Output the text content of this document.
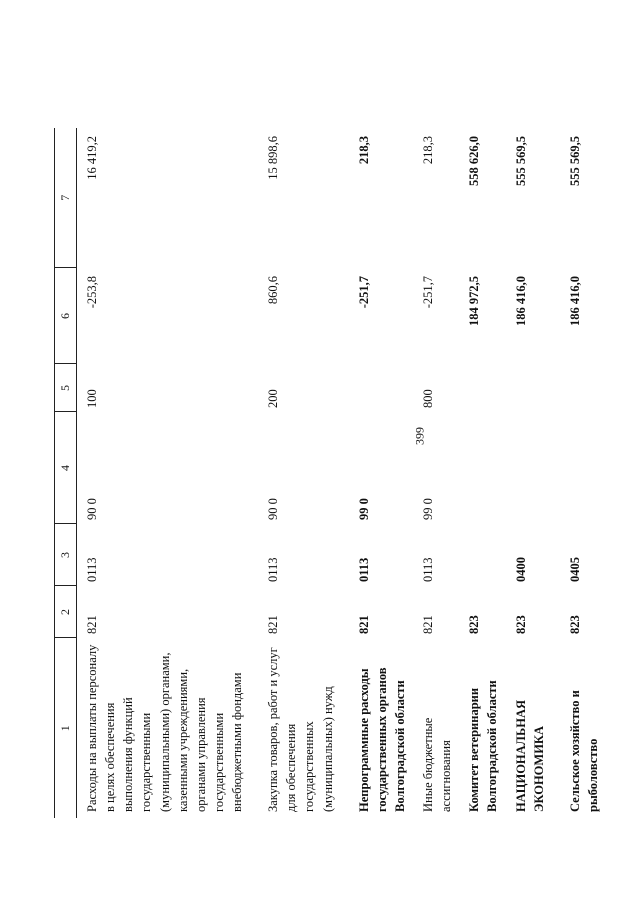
399
1	2	3	4	5	6	7
Расходы на выплаты персоналу в целях обеспечения выполнения функций государственными (муниципальными) органами, казенными учреждениями, органами управления государственными внебюджетными фондами	821	0113	90 0	100	-253,8	16 419,2
Закупка товаров, работ и услуг для обеспечения государственных (муниципальных) нужд	821	0113	90 0	200	860,6	15 898,6
Непрограммные расходы государственных органов Волгоградской области	821	0113	99 0		-251,7	218,3
Иные бюджетные ассигнования	821	0113	99 0	800	-251,7	218,3
Комитет ветеринарии Волгоградской области	823				184 972,5	558 626,0
НАЦИОНАЛЬНАЯ ЭКОНОМИКА	823	0400			186 416,0	555 569,5
Сельское хозяйство и рыболовство	823	0405			186 416,0	555 569,5
